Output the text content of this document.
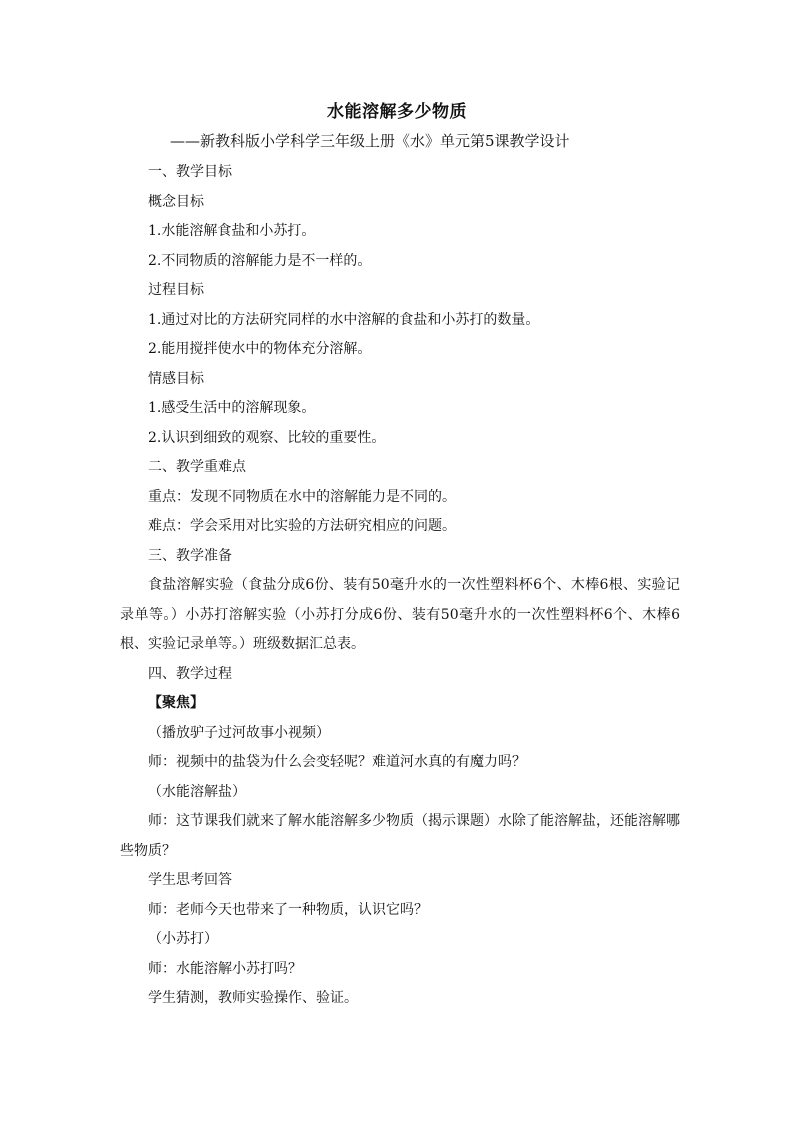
水能溶解多少物质
——新教科版小学科学三年级上册《水》单元第5课教学设计

一、教学目标

概念目标

1.水能溶解食盐和小苏打。

2.不同物质的溶解能力是不一样的。

过程目标

1.通过对比的方法研究同样的水中溶解的食盐和小苏打的数量。

2.能用搅拌使水中的物体充分溶解。

情感目标

1.感受生活中的溶解现象。

2.认识到细致的观察、比较的重要性。

二、教学重难点

重点：发现不同物质在水中的溶解能力是不同的。

难点：学会采用对比实验的方法研究相应的问题。

三、教学准备

食盐溶解实验（食盐分成6份、装有50毫升水的一次性塑料杯6个、木棒6根、实验记录单等。）小苏打溶解实验（小苏打分成6份、装有50毫升水的一次性塑料杯6个、木棒6根、实验记录单等。）班级数据汇总表。

四、教学过程

【聚焦】

（播放驴子过河故事小视频）

师：视频中的盐袋为什么会变轻呢？难道河水真的有魔力吗？

（水能溶解盐）

师：这节课我们就来了解水能溶解多少物质（揭示课题）水除了能溶解盐，还能溶解哪些物质？

学生思考回答

师：老师今天也带来了一种物质，认识它吗？

（小苏打）

师：水能溶解小苏打吗？

学生猜测，教师实验操作、验证。
